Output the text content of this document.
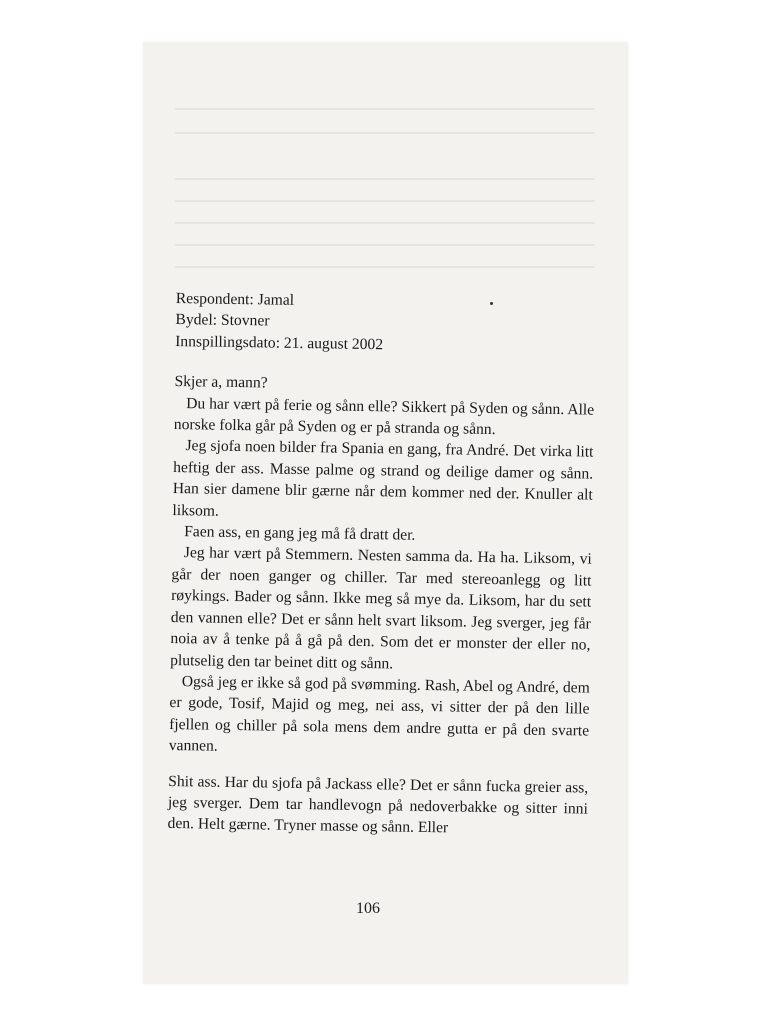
Respondent: Jamal

Bydel: Stovner

Innspillingsdato: 21. august 2002

Skjer a, mann?

Du har vært på ferie og sånn elle? Sikkert på Syden og sånn. Alle norske folka går på Syden og er på stranda og sånn.

Jeg sjofa noen bilder fra Spania en gang, fra André. Det virka litt heftig der ass. Masse palme og strand og deilige damer og sånn. Han sier damene blir gærne når dem kommer ned der. Knuller alt liksom.

Faen ass, en gang jeg må få dratt der.

Jeg har vært på Stemmern. Nesten samma da. Ha ha. Liksom, vi går der noen ganger og chiller. Tar med stereoanlegg og litt røykings. Bader og sånn. Ikke meg så mye da. Liksom, har du sett den vannen elle? Det er sånn helt svart liksom. Jeg sverger, jeg får noia av å tenke på å gå på den. Som det er monster der eller no, plutselig den tar beinet ditt og sånn.

Også jeg er ikke så god på svømming. Rash, Abel og André, dem er gode, Tosif, Majid og meg, nei ass, vi sitter der på den lille fjellen og chiller på sola mens dem andre gutta er på den svarte vannen.

Shit ass. Har du sjofa på Jackass elle? Det er sånn fucka greier ass, jeg sverger. Dem tar handlevogn på nedoverbakke og sitter inni den. Helt gærne. Tryner masse og sånn. Eller

106
